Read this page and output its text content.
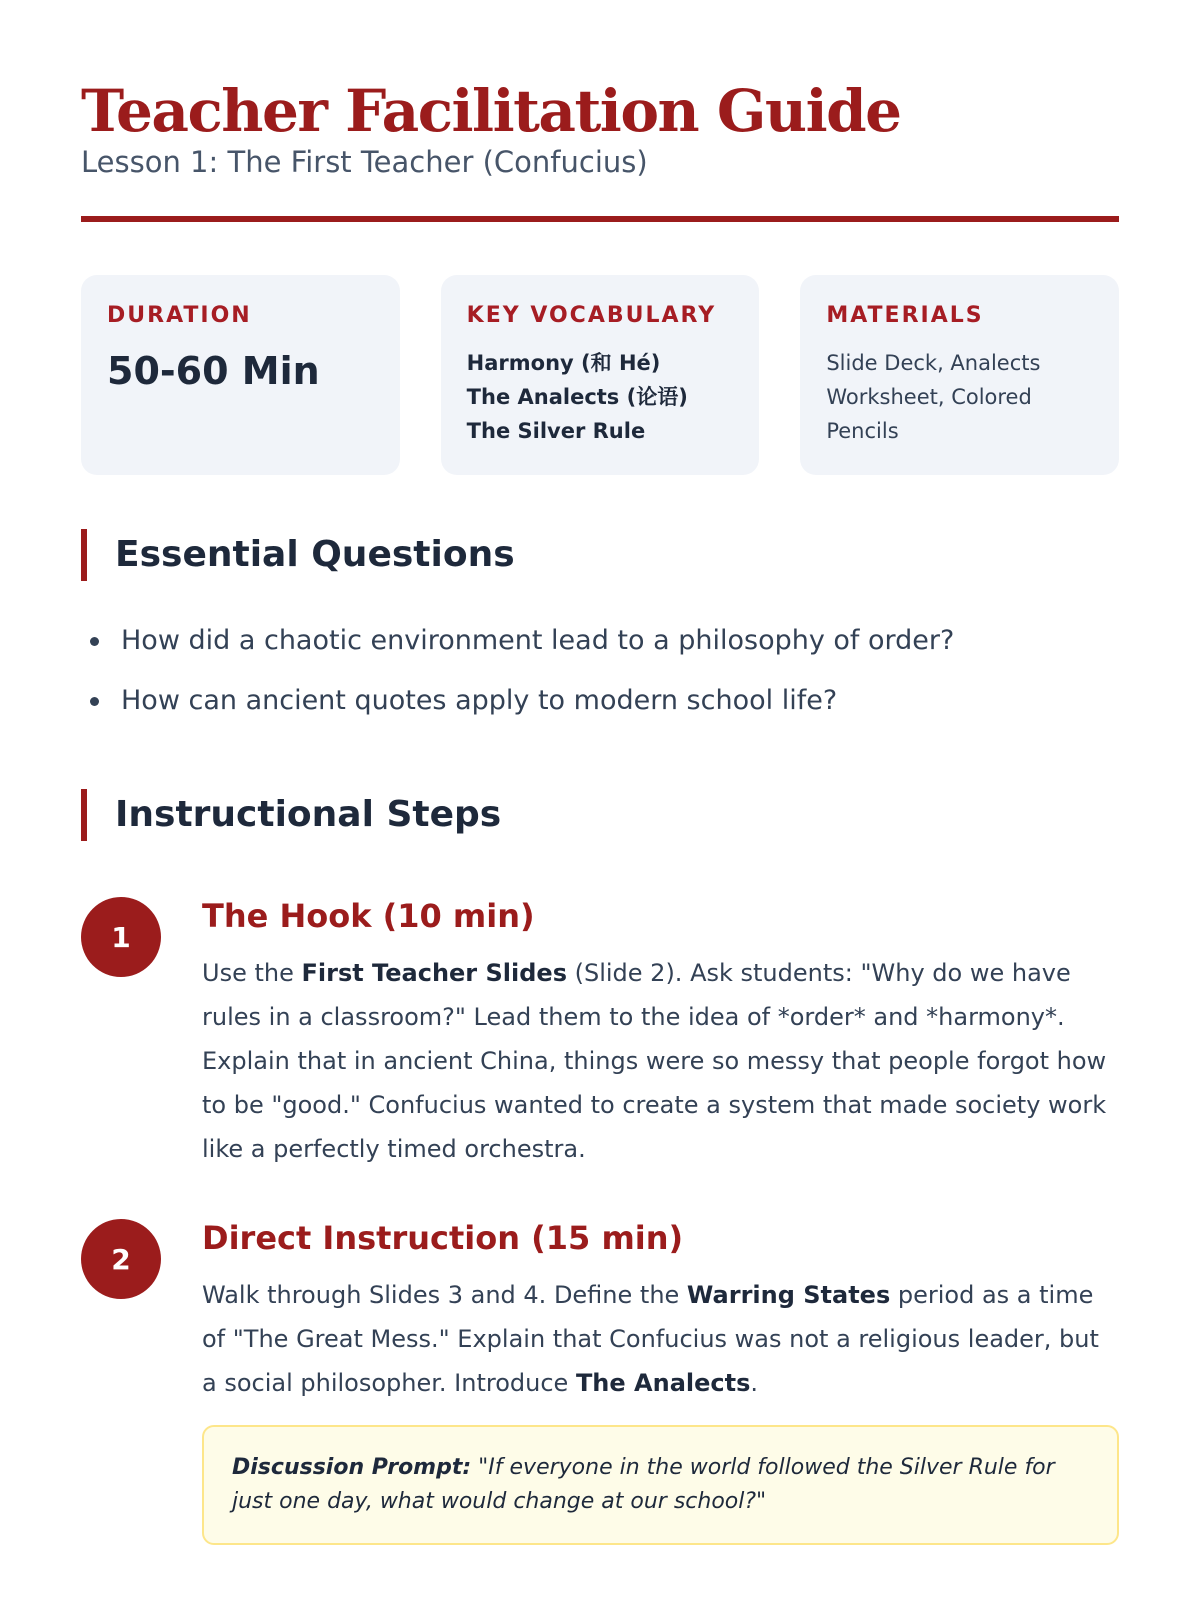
Teacher Facilitation Guide

Lesson 1: The First Teacher (Confucius)

DURATION
50-60 Min
KEY VOCABULARY
Harmony (和 Hé)
The Analects (论语)
The Silver Rule
MATERIALS
Slide Deck, Analects Worksheet, Colored Pencils
Essential Questions
How did a chaotic environment lead to a philosophy of order?
How can ancient quotes apply to modern school life?
Instructional Steps
1
The Hook (10 min)
Use the First Teacher Slides (Slide 2). Ask students: "Why do we have rules in a classroom?" Lead them to the idea of *order* and *harmony*. Explain that in ancient China, things were so messy that people forgot how to be "good." Confucius wanted to create a system that made society work like a perfectly timed orchestra.
2
Direct Instruction (15 min)
Walk through Slides 3 and 4. Define the Warring States period as a time of "The Great Mess." Explain that Confucius was not a religious leader, but a social philosopher. Introduce The Analects.
Discussion Prompt: "If everyone in the world followed the Silver Rule for just one day, what would change at our school?"
